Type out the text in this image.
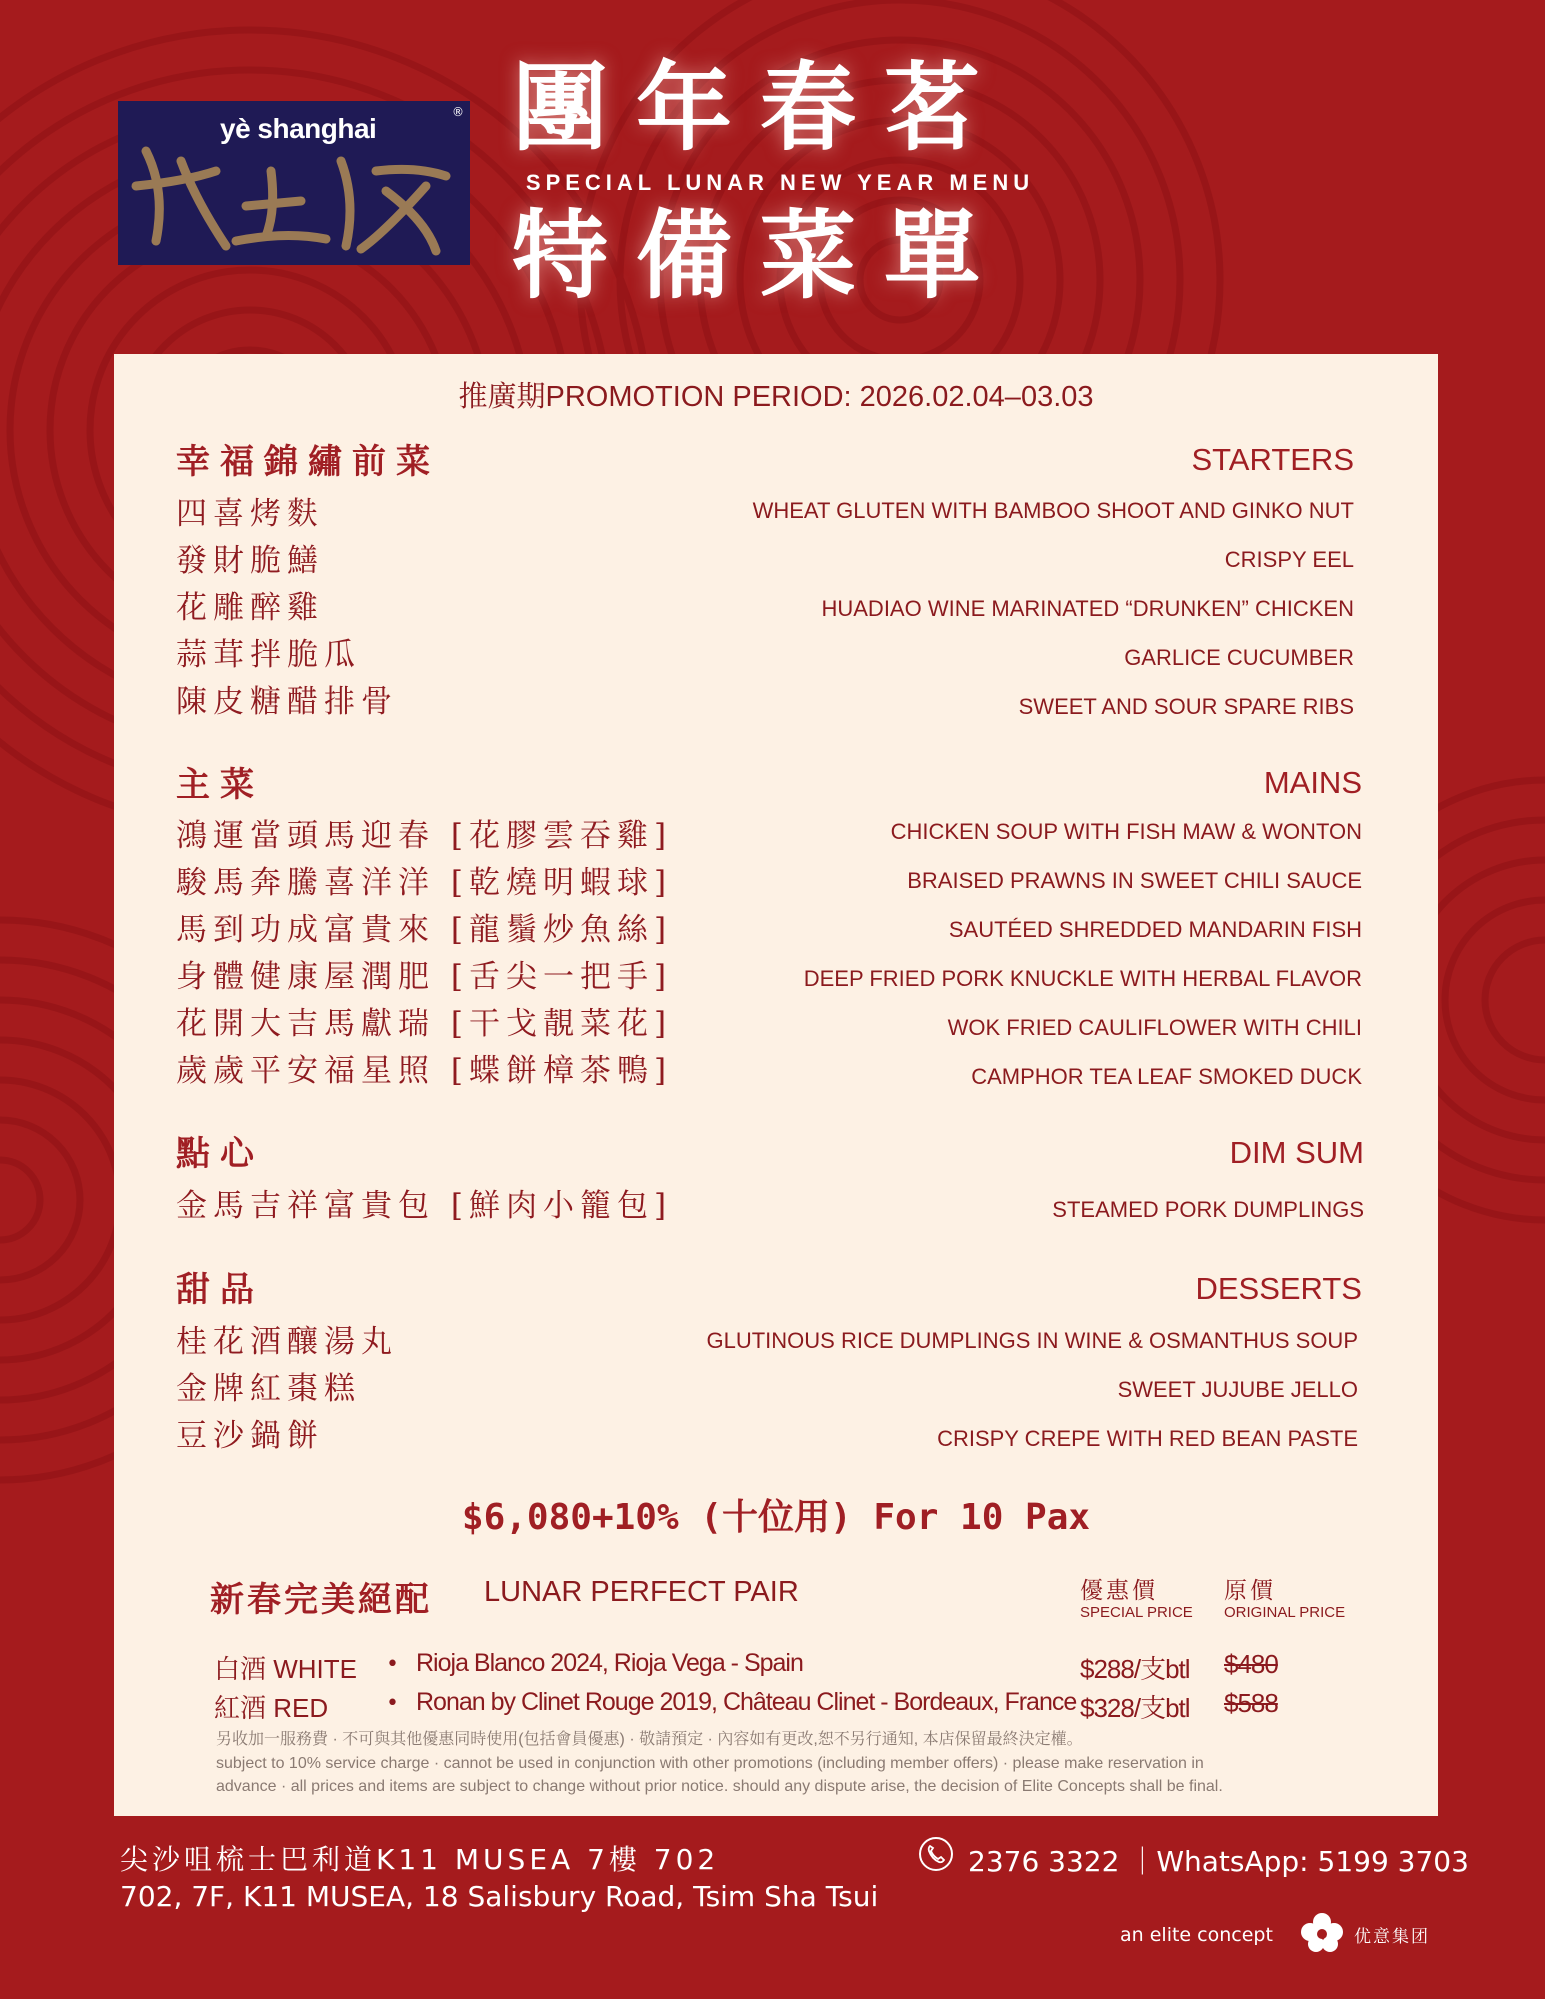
yè shanghai
® 團年春茗
SPECIAL LUNAR NEW YEAR MENU
特備菜單
推廣期PROMOTION PERIOD: 2026.02.04–03.03
幸福錦繡前菜	STARTERS
四喜烤麩	WHEAT GLUTEN WITH BAMBOO SHOOT AND GINKO NUT
發財脆鱔	CRISPY EEL
花雕醉雞	HUADIAO WINE MARINATED “DRUNKEN” CHICKEN
蒜茸拌脆瓜	GARLICE CUCUMBER
陳皮糖醋排骨	SWEET AND SOUR SPARE RIBS
主菜	MAINS
鴻運當頭馬迎春 [花膠雲吞雞]	CHICKEN SOUP WITH FISH MAW & WONTON
駿馬奔騰喜洋洋 [乾燒明蝦球]	BRAISED PRAWNS IN SWEET CHILI SAUCE
馬到功成富貴來 [龍鬚炒魚絲]	SAUTÉED SHREDDED MANDARIN FISH
身體健康屋潤肥 [舌尖一把手]	DEEP FRIED PORK KNUCKLE WITH HERBAL FLAVOR
花開大吉馬獻瑞 [干戈靚菜花]	WOK FRIED CAULIFLOWER WITH CHILI
歲歲平安福星照 [蝶餅樟茶鴨]	CAMPHOR TEA LEAF SMOKED DUCK
點心	DIM SUM
金馬吉祥富貴包 [鮮肉小籠包]	STEAMED PORK DUMPLINGS
甜品	DESSERTS
桂花酒釀湯丸	GLUTINOUS RICE DUMPLINGS IN WINE & OSMANTHUS SOUP
金牌紅棗糕	SWEET JUJUBE JELLO
豆沙鍋餅	CRISPY CREPE WITH RED BEAN PASTE
$6,080+10% (十位用) For 10 Pax
新春完美絕配 LUNAR PERFECT PAIR	優惠價
SPECIAL PRICE
原價
ORIGINAL PRICE
白酒 WHITE • Rioja Blanco 2024, Rioja Vega - Spain	$288/支btl $480
紅酒 RED	• Ronan by Clinet Rouge 2019, Château Clinet - Bordeaux, France $328/支btl $588
另收加一服務費 · 不可與其他優惠同時使用(包括會員優惠) · 敬請預定 · 內容如有更改,恕不另行通知, 本店保留最終決定權。
subject to 10% service charge · cannot be used in conjunction with other promotions (including member offers) · please make reservation in
advance · all prices and items are subject to change without prior notice. should any dispute arise, the decision of Elite Concepts shall be final.
尖沙咀梳士巴利道K11 MUSEA 7樓 702
702, 7F, K11 MUSEA, 18 Salisbury Road, Tsim Sha Tsui
2376 3322 ｜WhatsApp: 5199 3703
an elite concept	优意集团
